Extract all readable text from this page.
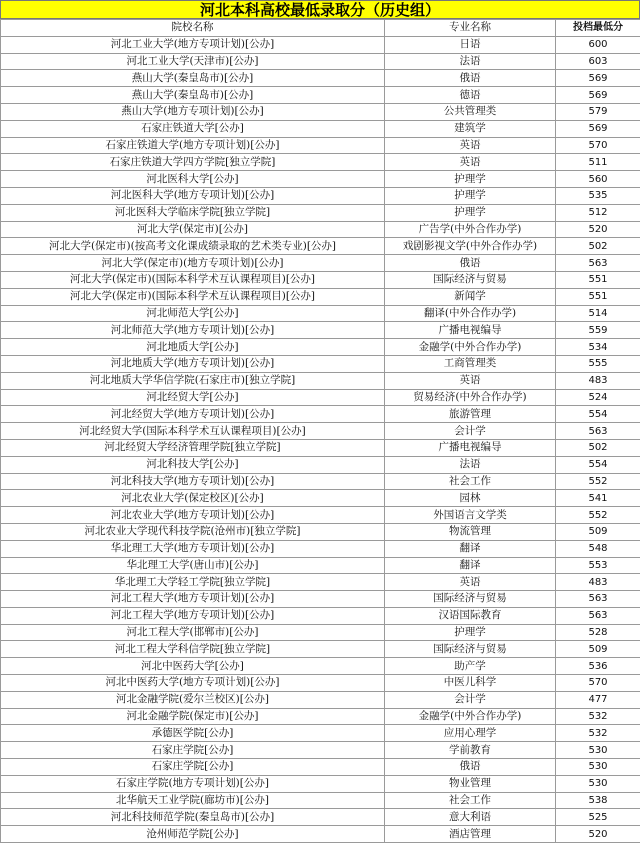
河北本科高校最低录取分（历史组）
院校名称	专业名称	投档最低分
河北工业大学(地方专项计划)[公办]	日语	600
河北工业大学(天津市)[公办]	法语	603
燕山大学(秦皇岛市)[公办]	俄语	569
燕山大学(秦皇岛市)[公办]	德语	569
燕山大学(地方专项计划)[公办]	公共管理类	579
石家庄铁道大学[公办]	建筑学	569
石家庄铁道大学(地方专项计划)[公办]	英语	570
石家庄铁道大学四方学院[独立学院]	英语	511
河北医科大学[公办]	护理学	560
河北医科大学(地方专项计划)[公办]	护理学	535
河北医科大学临床学院[独立学院]	护理学	512
河北大学(保定市)[公办]	广告学(中外合作办学)	520
河北大学(保定市)(按高考文化课成绩录取的艺术类专业)[公办]	戏剧影视文学(中外合作办学)	502
河北大学(保定市)(地方专项计划)[公办]	俄语	563
河北大学(保定市)(国际本科学术互认课程项目)[公办]	国际经济与贸易	551
河北大学(保定市)(国际本科学术互认课程项目)[公办]	新闻学	551
河北师范大学[公办]	翻译(中外合作办学)	514
河北师范大学(地方专项计划)[公办]	广播电视编导	559
河北地质大学[公办]	金融学(中外合作办学)	534
河北地质大学(地方专项计划)[公办]	工商管理类	555
河北地质大学华信学院(石家庄市)[独立学院]	英语	483
河北经贸大学[公办]	贸易经济(中外合作办学)	524
河北经贸大学(地方专项计划)[公办]	旅游管理	554
河北经贸大学(国际本科学术互认课程项目)[公办]	会计学	563
河北经贸大学经济管理学院[独立学院]	广播电视编导	502
河北科技大学[公办]	法语	554
河北科技大学(地方专项计划)[公办]	社会工作	552
河北农业大学(保定校区)[公办]	园林	541
河北农业大学(地方专项计划)[公办]	外国语言文学类	552
河北农业大学现代科技学院(沧州市)[独立学院]	物流管理	509
华北理工大学(地方专项计划)[公办]	翻译	548
华北理工大学(唐山市)[公办]	翻译	553
华北理工大学轻工学院[独立学院]	英语	483
河北工程大学(地方专项计划)[公办]	国际经济与贸易	563
河北工程大学(地方专项计划)[公办]	汉语国际教育	563
河北工程大学(邯郸市)[公办]	护理学	528
河北工程大学科信学院[独立学院]	国际经济与贸易	509
河北中医药大学[公办]	助产学	536
河北中医药大学(地方专项计划)[公办]	中医儿科学	570
河北金融学院(爱尔兰校区)[公办]	会计学	477
河北金融学院(保定市)[公办]	金融学(中外合作办学)	532
承德医学院[公办]	应用心理学	532
石家庄学院[公办]	学前教育	530
石家庄学院[公办]	俄语	530
石家庄学院(地方专项计划)[公办]	物业管理	530
北华航天工业学院(廊坊市)[公办]	社会工作	538
河北科技师范学院(秦皇岛市)[公办]	意大利语	525
沧州师范学院[公办]	酒店管理	520
